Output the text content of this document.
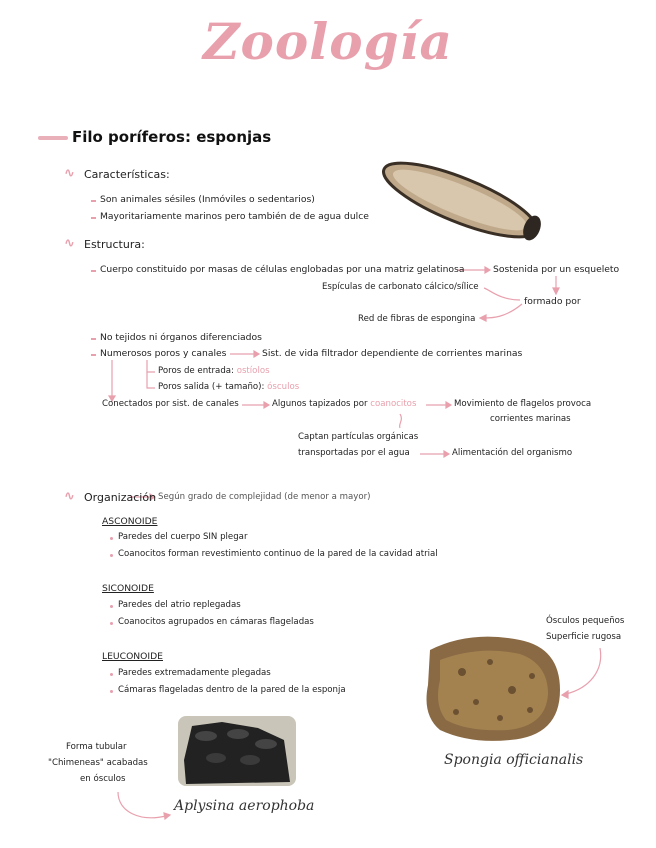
Zoología
Filo poríferos: esponjas
∿ Características:
Son animales sésiles (Inmóviles o sedentarios)
Mayoritariamente marinos pero también de de agua dulce
∿ Estructura:
Cuerpo constituido por masas de células englobadas por una matriz gelatinosa	Sostenida por un esqueleto
Espículas de carbonato cálcico/sílice
formado por
Red de fibras de espongina
No tejidos ni órganos diferenciados
Numerosos poros y canales	Sist. de vida filtrador dependiente de corrientes marinas
Poros de entrada: ostíolos
Poros salida (+ tamaño): ósculos
Conectados por sist. de canales	Algunos tapizados por coanocitos	Movimiento de flagelos provoca
corrientes marinas
Captan partículas orgánicas
transportadas por el agua	Alimentación del organismo
∿ Organización Según grado de complejidad (de menor a mayor)
ASCONOIDE
Paredes del cuerpo SIN plegar
Coanocitos forman revestimiento continuo de la pared de la cavidad atrial
SICONOIDE
Paredes del atrio replegadas
Coanocitos agrupados en cámaras flageladas
LEUCONOIDE
Paredes extremadamente plegadas
Cámaras flageladas dentro de la pared de la esponja
Ósculos pequeños
Superficie rugosa
Forma tubular
"Chimeneas" acabadas
en ósculos
Spongia officianalis
Aplysina aerophoba
